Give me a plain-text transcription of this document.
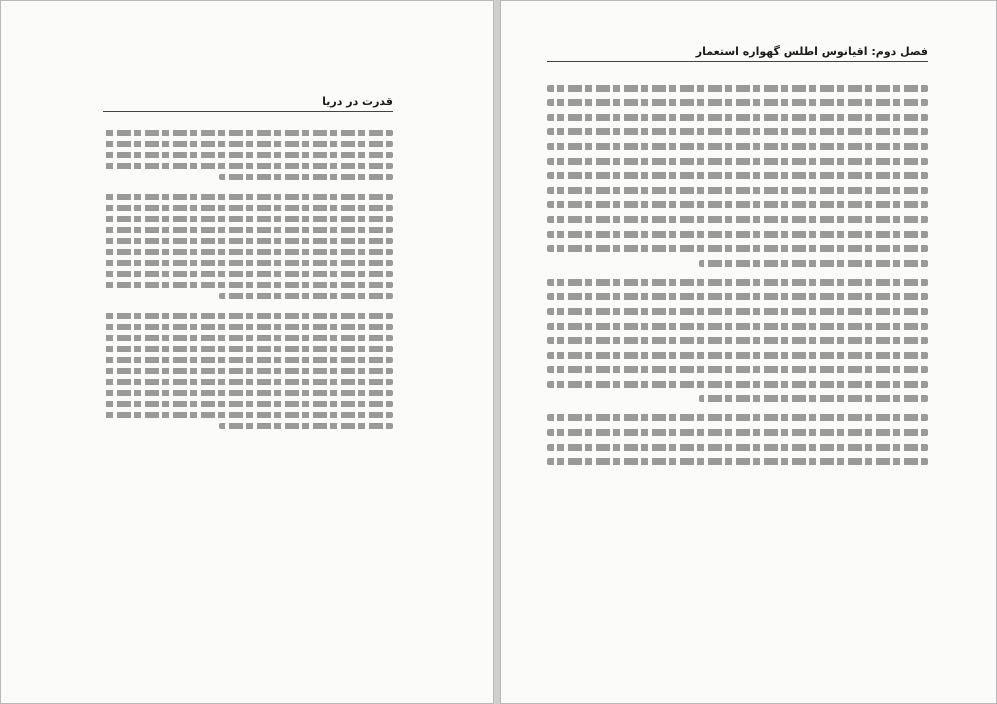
قدرت در دریا
فصل دوم: اقیانوس اطلس گهواره استعمار
